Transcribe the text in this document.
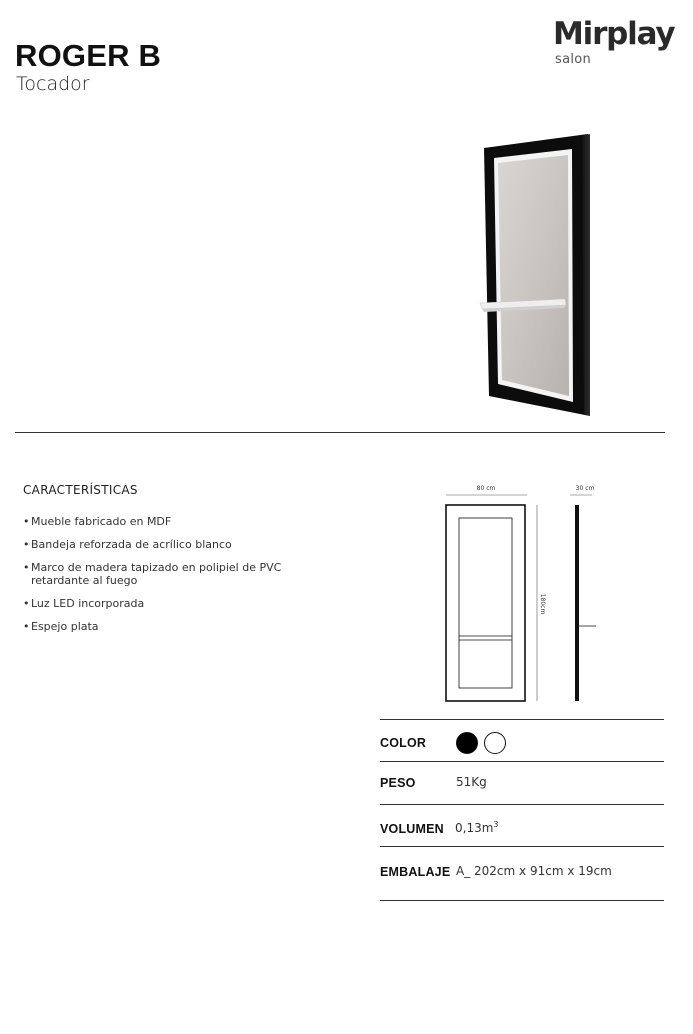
ROGER B
Tocador
Mirplay
salon
CARACTERÍSTICAS
• Mueble fabricado en MDF
• Bandeja reforzada de acrílico blanco
• Marco de madera tapizado en polipiel de PVC retardante al fuego
• Luz LED incorporada
• Espejo plata
80 cm	30 cm
180cm
COLOR
PESO	51Kg
VOLUMEN $0,13m^3$
EMBALAJE A_ 202cm x 91cm x 19cm
